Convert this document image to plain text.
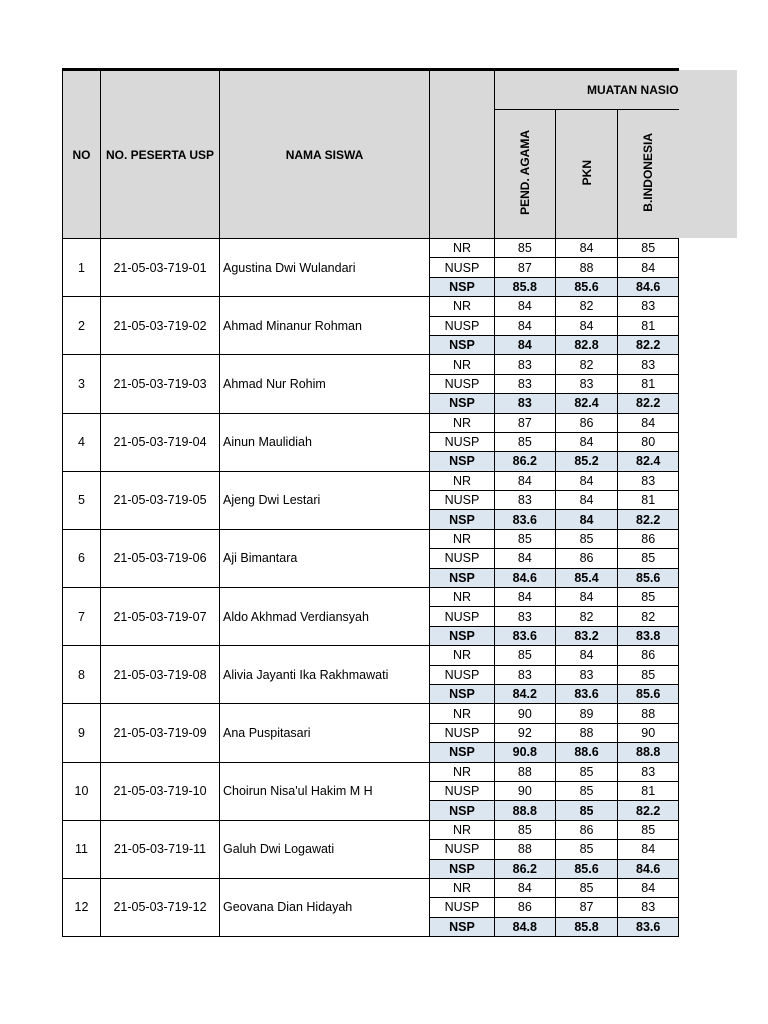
NO	NO. PESERTA USP	NAMA SISWA		MUATAN NASIO		
				PEND. AGAMA	PKN	B.INDONESIA
1	21-05-03-719-01	Agustina Dwi Wulandari	NR	85	84	85
			NUSP	87	88	84
			NSP	85.8	85.6	84.6
2	21-05-03-719-02	Ahmad Minanur Rohman	NR	84	82	83
			NUSP	84	84	81
			NSP	84	82.8	82.2
3	21-05-03-719-03	Ahmad Nur Rohim	NR	83	82	83
			NUSP	83	83	81
			NSP	83	82.4	82.2
4	21-05-03-719-04	Ainun Maulidiah	NR	87	86	84
			NUSP	85	84	80
			NSP	86.2	85.2	82.4
5	21-05-03-719-05	Ajeng Dwi Lestari	NR	84	84	83
			NUSP	83	84	81
			NSP	83.6	84	82.2
6	21-05-03-719-06	Aji Bimantara	NR	85	85	86
			NUSP	84	86	85
			NSP	84.6	85.4	85.6
7	21-05-03-719-07	Aldo Akhmad Verdiansyah	NR	84	84	85
			NUSP	83	82	82
			NSP	83.6	83.2	83.8
8	21-05-03-719-08	Alivia Jayanti Ika Rakhmawati	NR	85	84	86
			NUSP	83	83	85
			NSP	84.2	83.6	85.6
9	21-05-03-719-09	Ana Puspitasari	NR	90	89	88
			NUSP	92	88	90
			NSP	90.8	88.6	88.8
10	21-05-03-719-10	Choirun Nisa'ul Hakim M H	NR	88	85	83
			NUSP	90	85	81
			NSP	88.8	85	82.2
11	21-05-03-719-11	Galuh Dwi Logawati	NR	85	86	85
			NUSP	88	85	84
			NSP	86.2	85.6	84.6
12	21-05-03-719-12	Geovana Dian Hidayah	NR	84	85	84
			NUSP	86	87	83
			NSP	84.8	85.8	83.6
